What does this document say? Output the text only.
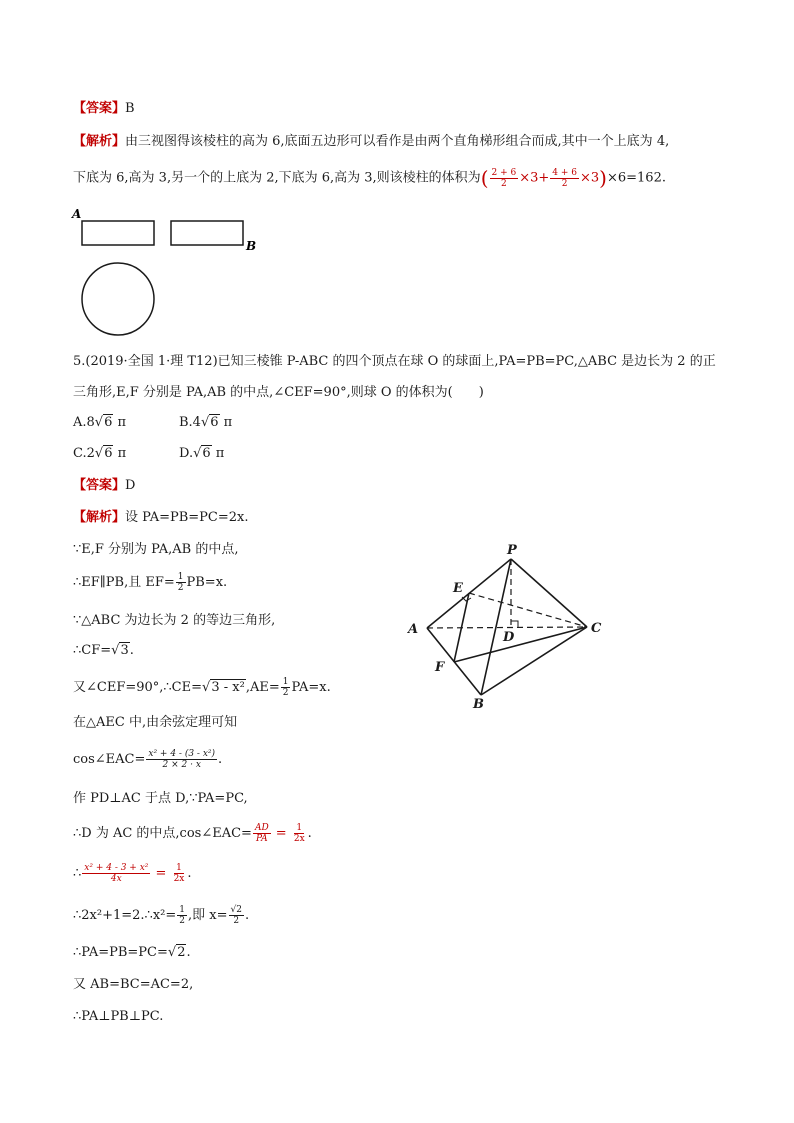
【答案】B
【解析】由三视图得该棱柱的高为 6,底面五边形可以看作是由两个直角梯形组合而成,其中一个上底为 4,
下底为 6,高为 3,另一个的上底为 2,下底为 6,高为 3,则该棱柱的体积为( $\frac{2 + 6}{2} \times 3+ \frac{4 + 6}{2} \times 3)\times 6=162$.
A
B
5.(2019·全国 1·理 T12)已知三棱锥 P-ABC 的四个顶点在球 O 的球面上,PA=PB=PC,△ABC 是边长为 2 的正
三角形,E,F 分别是 PA,AB 的中点,∠CEF=90°,则球 O 的体积为(　　)
A.8√6 π	B.4√6 π
C.2√6 π	D.√6 π
【答案】D
【解析】设 PA=PB=PC=2x.
∵E,F 分别为 PA,AB 的中点,
∴EF∥PB,且 $EF= \frac{1}{2} PB=x$.
∵△ABC 为边长为 2 的等边三角形,
∴CF=√3.
又∠CEF=90°,∴CE=√3 - $x^2,AE= \frac{1}{2} PA=x$.
在△AEC 中,由余弦定理可知
cos∠EAC= $\frac{\text{x² + 4 - (3 - x²)}}{2 \times 2 \cdot x}$ .
作 PD⊥AC 于点 D,∵PA=PC,
∴D 为 AC 的中点,cos∠EAC= $\frac{AD}{PA} = \frac{1}{2x}$ .
∴ $\frac{\text{x² + 4 - 3 + x²}}{4x} = \frac{1}{2x}$ .
∴2x²+1=2.∴x²= $\frac{1}{2}$ ,即 $x= \frac{√2}{2}$ .
∴PA=PB=PC=√2.
又 AB=BC=AC=2,
∴PA⊥PB⊥PC.
P
E
A
D
C
F
B
